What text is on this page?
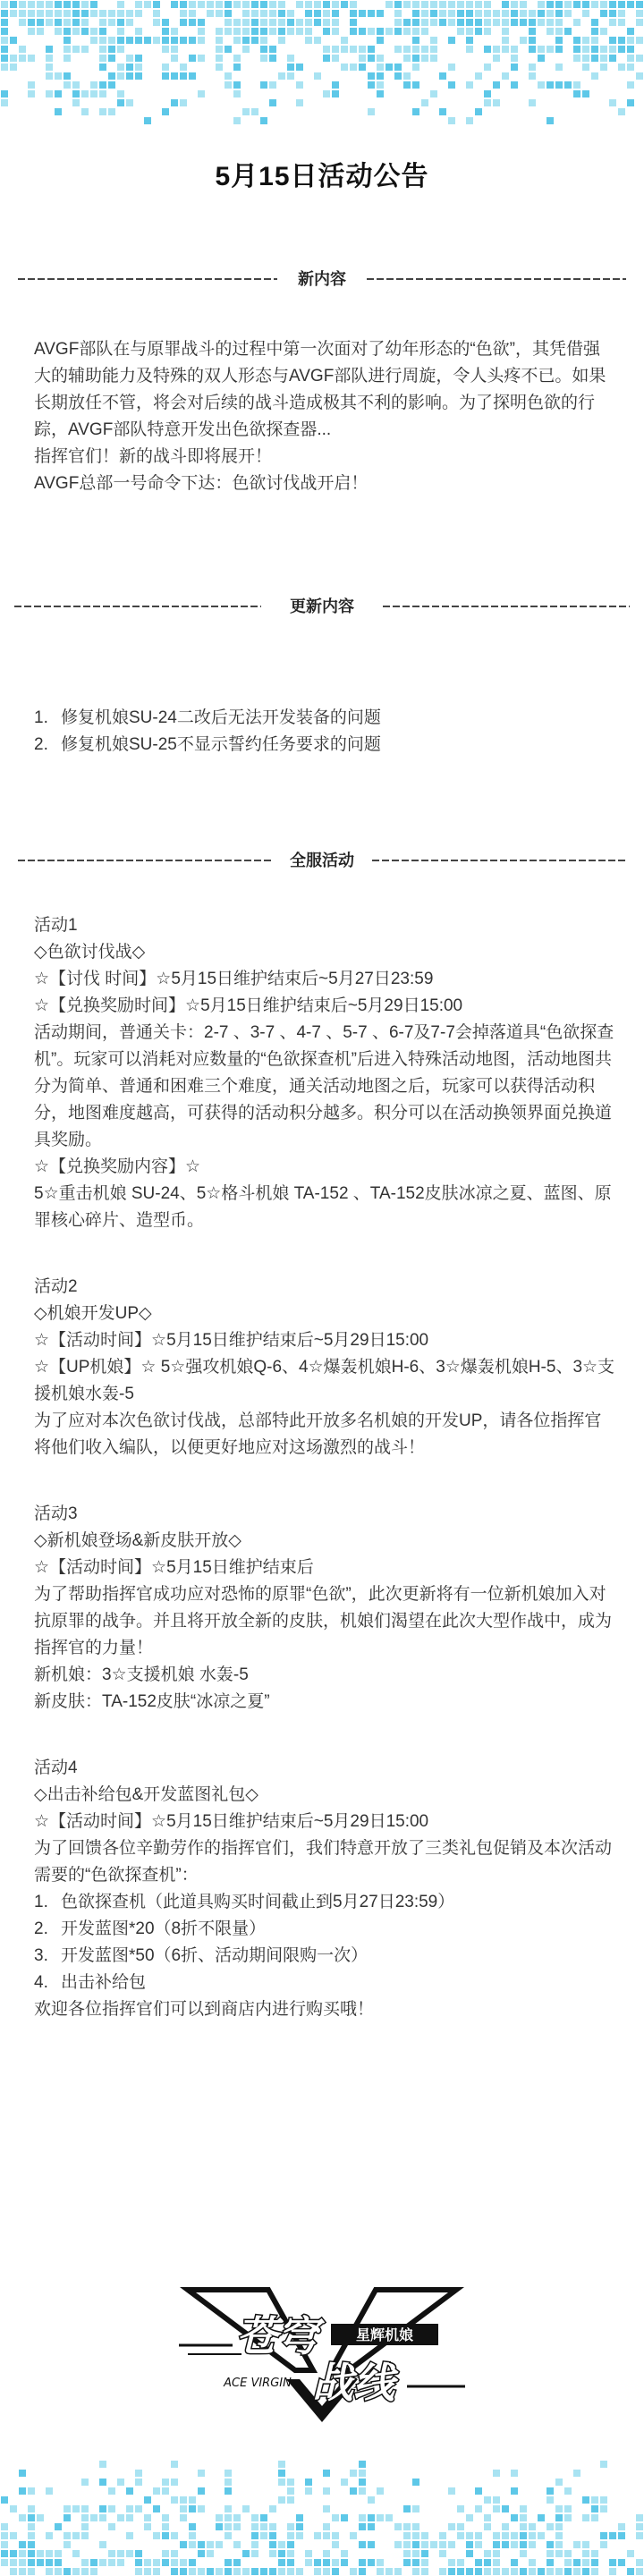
5月15日活动公告
新内容

AVGF部队在与原罪战斗的过程中第一次面对了幼年形态的“色欲”，其凭借强大的辅助能力及特殊的双人形态与AVGF部队进行周旋，令人头疼不已。如果长期放任不管，将会对后续的战斗造成极其不利的影响。为了探明色欲的行踪，AVGF部队特意开发出色欲探查器...

指挥官们！新的战斗即将展开！

AVGF总部一号命令下达：色欲讨伐战开启！

更新内容
1. 修复机娘SU-24二改后无法开发装备的问题
2. 修复机娘SU-25不显示誓约任务要求的问题
全服活动

活动1

◇色欲讨伐战◇

☆【讨伐 时间】☆5月15日维护结束后~5月27日23:59

☆【兑换奖励时间】☆5月15日维护结束后~5月29日15:00

活动期间，普通关卡：2-7 、3-7 、4-7 、5-7 、6-7及7-7会掉落道具“色欲探查机”。玩家可以消耗对应数量的“色欲探查机”后进入特殊活动地图，活动地图共分为简单、普通和困难三个难度，通关活动地图之后，玩家可以获得活动积分，地图难度越高，可获得的活动积分越多。积分可以在活动换领界面兑换道具奖励。

☆【兑换奖励内容】☆

5☆重击机娘 SU-24、5☆格斗机娘 TA-152 、TA-152皮肤冰凉之夏、蓝图、原罪核心碎片、造型币。

活动2

◇机娘开发UP◇

☆【活动时间】☆5月15日维护结束后~5月29日15:00

☆【UP机娘】☆ 5☆强攻机娘Q-6、4☆爆轰机娘H-6、3☆爆轰机娘H-5、3☆支援机娘水轰-5

为了应对本次色欲讨伐战，总部特此开放多名机娘的开发UP，请各位指挥官将他们收入编队，以便更好地应对这场激烈的战斗！

活动3

◇新机娘登场&新皮肤开放◇

☆【活动时间】☆5月15日维护结束后

为了帮助指挥官成功应对恐怖的原罪“色欲”，此次更新将有一位新机娘加入对抗原罪的战争。并且将开放全新的皮肤，机娘们渴望在此次大型作战中，成为指挥官的力量！

新机娘：3☆支援机娘 水轰-5

新皮肤：TA-152皮肤“冰凉之夏”

活动4

◇出击补给包&开发蓝图礼包◇

☆【活动时间】☆5月15日维护结束后~5月29日15:00

为了回馈各位辛勤劳作的指挥官们，我们特意开放了三类礼包促销及本次活动需要的“色欲探查机”：

1. 色欲探查机（此道具购买时间截止到5月27日23:59）
2. 开发蓝图*20（8折不限量）
3. 开发蓝图*50（6折、活动期间限购一次）
4. 出击补给包

欢迎各位指挥官们可以到商店内进行购买哦！

星辉机娘
苍穹
战线
ACE VIRGIN
